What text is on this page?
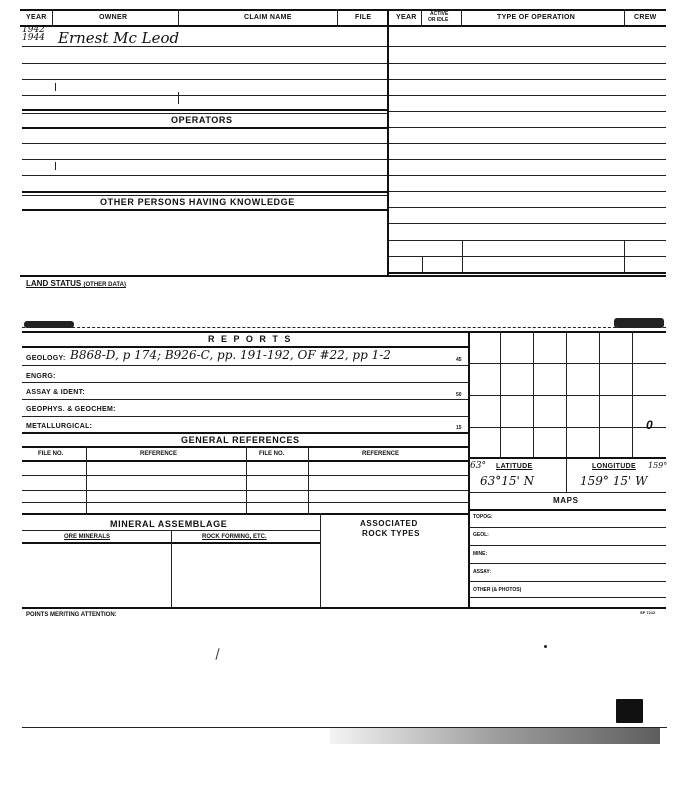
YEAR	OWNER	CLAIM NAME	FILE	YEAR	ACTIVE
OR IDLE	TYPE OF OPERATION	CREW
1942
1944 Ernest Mc Leod
OPERATORS
OTHER PERSONS HAVING KNOWLEDGE
LAND STATUS (OTHER DATA)
R E P O R T S
GEOLOGY: B868-D, p 174; B926-C, pp. 191-192, OF #22, pp 1-2	45
ENGRG:
ASSAY & IDENT:	50
GEOPHYS. & GEOCHEM:
METALLURGICAL:	15	0
63° LATITUDE	LONGITUDE 159°
63°15' N	159° 15' W
MAPS
TOPOG:
GEOL:
MINE:
ASSAY:
OTHER (& PHOTOS)
GENERAL REFERENCES
FILE NO.	REFERENCE	FILE NO.	REFERENCE
MINERAL ASSEMBLAGE
ORE MINERALS	ROCK FORMING, ETC.
ASSOCIATED
ROCK TYPES
POINTS MERITING ATTENTION:	SP 7212
